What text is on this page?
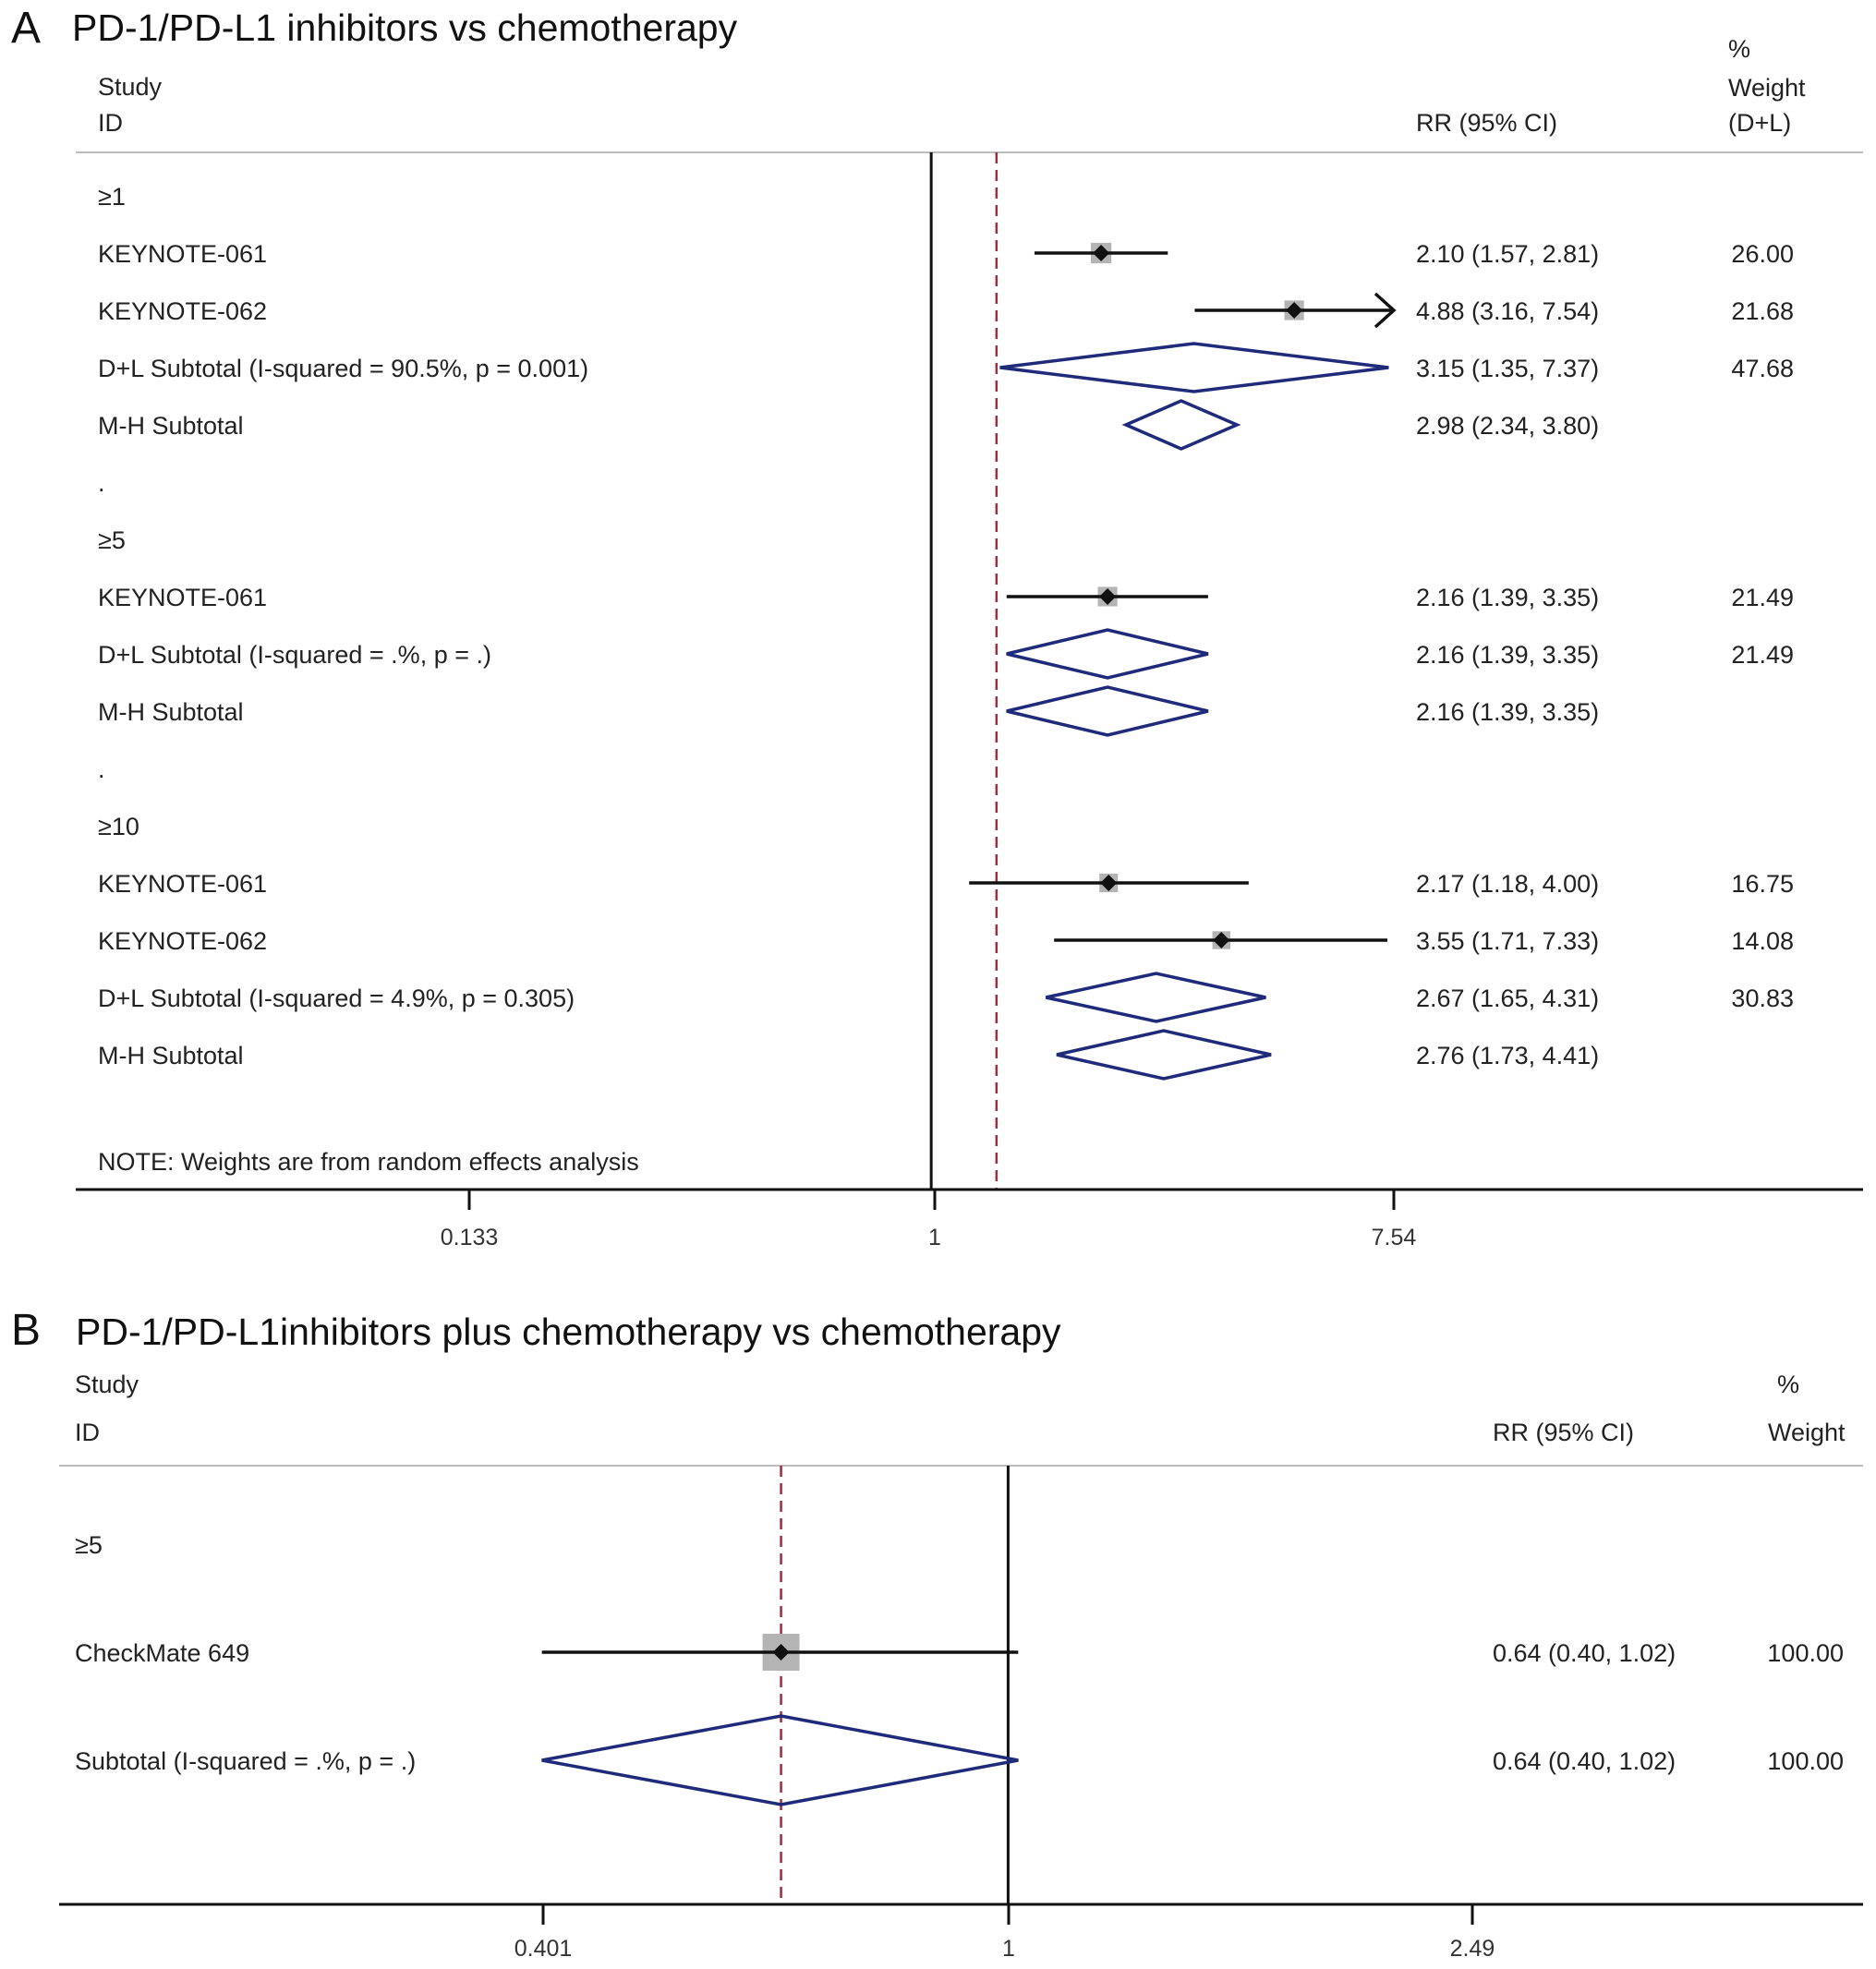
A PD-1/PD-L1 inhibitors vs chemotherapy
Study
ID	RR (95% CI)
%
Weight
(D+L)
0.133	1	7.54
≥1
KEYNOTE-061	2.10 (1.57, 2.81)	26.00
KEYNOTE-062	4.88 (3.16, 7.54)	21.68
D+L Subtotal (I-squared = 90.5%, p = 0.001)	3.15 (1.35, 7.37)	47.68
M-H Subtotal	2.98 (2.34, 3.80)
.
≥5
KEYNOTE-061	2.16 (1.39, 3.35)	21.49
D+L Subtotal (I-squared = .%, p = .)	2.16 (1.39, 3.35)	21.49
M-H Subtotal	2.16 (1.39, 3.35)
.
≥10
KEYNOTE-061	2.17 (1.18, 4.00)	16.75
KEYNOTE-062	3.55 (1.71, 7.33)	14.08
D+L Subtotal (I-squared = 4.9%, p = 0.305)	2.67 (1.65, 4.31)	30.83
M-H Subtotal	2.76 (1.73, 4.41)
NOTE: Weights are from random effects analysis
B PD-1/PD-L1inhibitors plus chemotherapy vs chemotherapy
Study
ID	RR (95% CI)
%
Weight
0.401	1	2.49
≥5
CheckMate 649	0.64 (0.40, 1.02)	100.00
Subtotal (I-squared = .%, p = .)	0.64 (0.40, 1.02)	100.00
